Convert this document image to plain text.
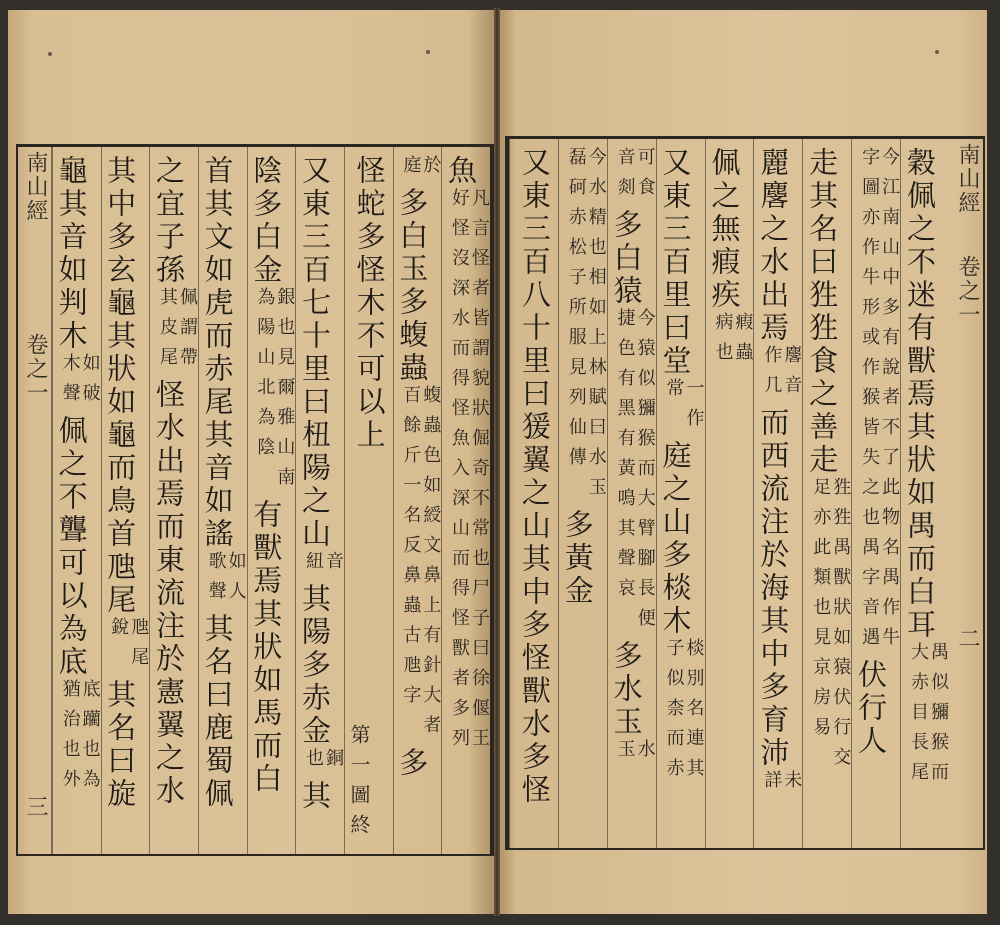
魚凡言怪者皆謂貌狀倔奇不常也尸子曰徐偃王好怪沒深水而得怪魚入深山而得怪獸者多列
於庭多白玉多蝮蟲蝮蟲色如綬文鼻上有針大者百餘斤一名反鼻蟲古虺字多
怪蛇多怪木不可以上
第一圖終
又東三百七十里曰杻陽之山音紐其陽多赤金銅也其
陰多白金銀也見爾雅山南為陽山北為陰有獸焉其狀如馬而白
首其文如虎而赤尾其音如謠如人歌聲其名曰鹿蜀佩
之宜子孫佩謂帶其皮尾怪水出焉而東流注於憲翼之水
其中多玄龜其狀如龜而鳥首虺尾虺尾銳其名曰旋
龜其音如判木如破木聲佩之不聾可以為底底躪也為猶治也外
南山經卷之一三
南山經卷之一二
穀佩之不迷有獸焉其狀如禺而白耳禺似獼猴而大赤目長尾
今江南山中多有說者不了此物名禺作牛字圖亦作牛形或作猴皆失之也禺字音遇伏行人
走其名曰狌狌食之善走狌狌禺獸狀如猿伏行交足亦此類也見京房易
麗麐之水出焉麐音作几而西流注於海其中多育沛未詳
佩之無瘕疾瘕蟲病也
又東三百里曰堂一作常庭之山多棪木棪別名連其子似柰而赤
可食音剡多白猿今猿似獼猴而大臂腳長便捷色有黑有黃鳴其聲哀多水玉水玉
今水精也相如上林賦曰水玉磊砢赤松子所服見列仙傳多黃金
又東三百八十里曰猨翼之山其中多怪獸水多怪
